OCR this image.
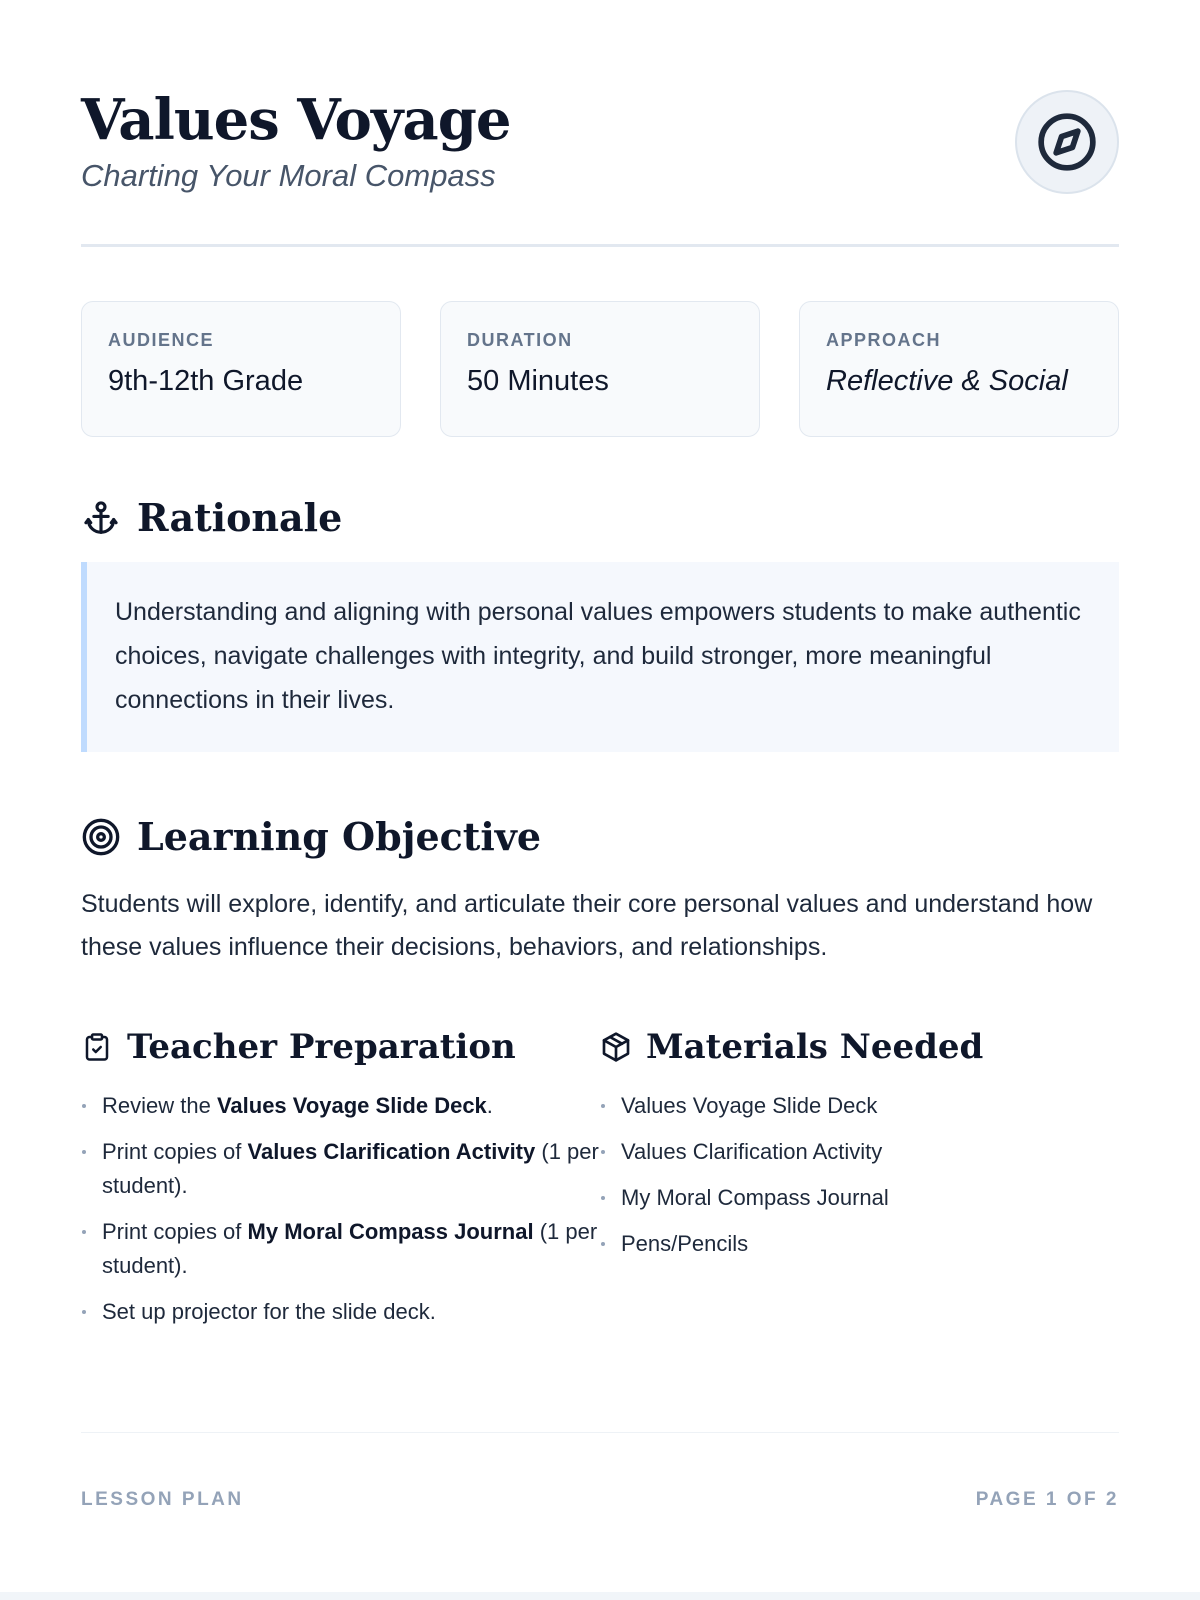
Values Voyage
Charting Your Moral Compass
AUDIENCE
9th-12th Grade
DURATION
50 Minutes
APPROACH
Reflective & Social
Rationale
Understanding and aligning with personal values empowers students to make authentic choices, navigate challenges with integrity, and build stronger, more meaningful connections in their lives.
Learning Objective
Students will explore, identify, and articulate their core personal values and understand how these values influence their decisions, behaviors, and relationships.
Teacher Preparation
Review the Values Voyage Slide Deck.
Print copies of Values Clarification Activity (1 per student).
Print copies of My Moral Compass Journal (1 per student).
Set up projector for the slide deck.
Materials Needed
Values Voyage Slide Deck
Values Clarification Activity
My Moral Compass Journal
Pens/Pencils
LESSON PLAN	PAGE 1 OF 2
